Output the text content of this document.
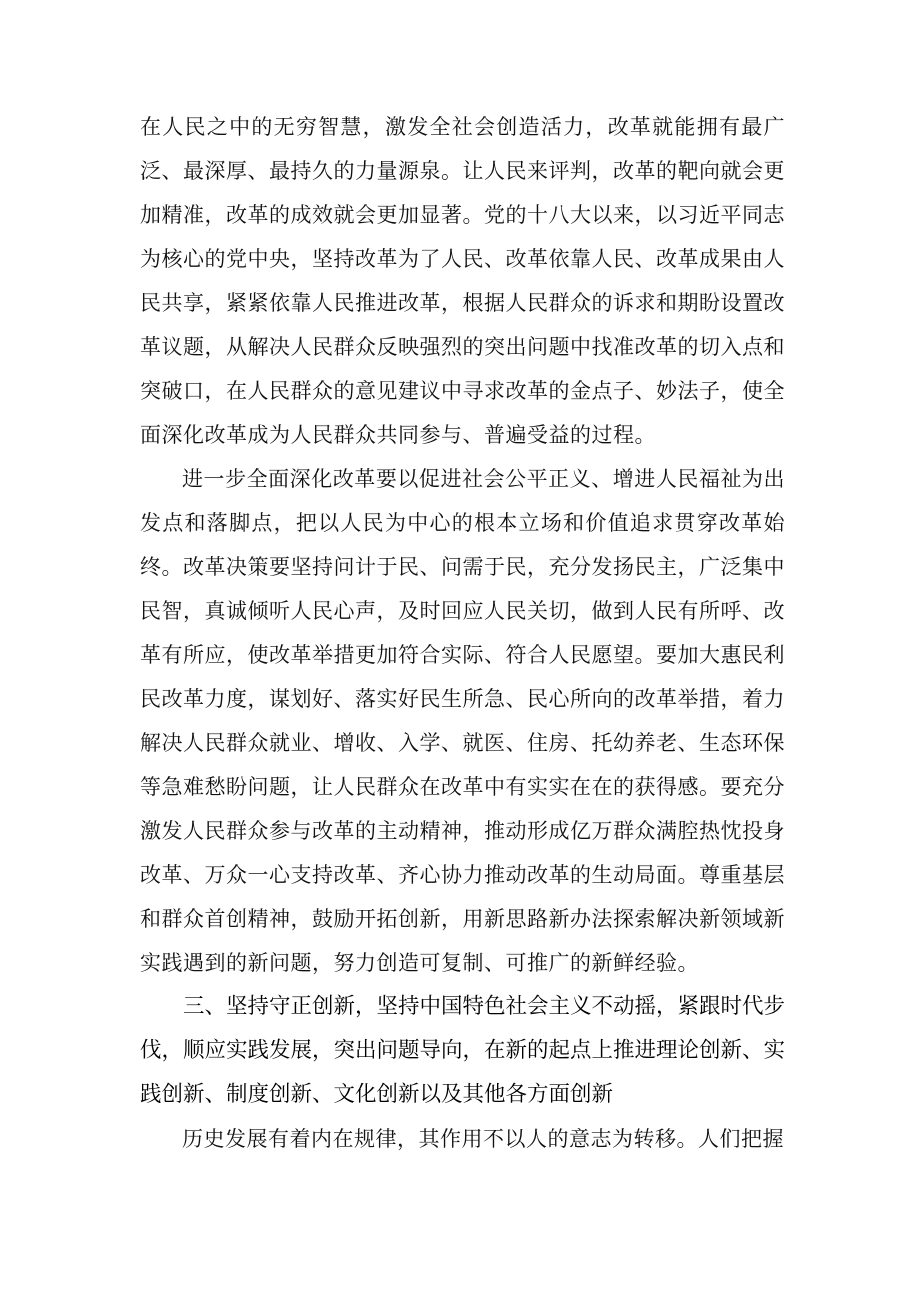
在人民之中的无穷智慧，激发全社会创造活力，改革就能拥有最广泛、最深厚、最持久的力量源泉。让人民来评判，改革的靶向就会更加精准，改革的成效就会更加显著。党的十八大以来，以习近平同志为核心的党中央，坚持改革为了人民、改革依靠人民、改革成果由人民共享，紧紧依靠人民推进改革，根据人民群众的诉求和期盼设置改革议题，从解决人民群众反映强烈的突出问题中找准改革的切入点和突破口，在人民群众的意见建议中寻求改革的金点子、妙法子，使全面深化改革成为人民群众共同参与、普遍受益的过程。

进一步全面深化改革要以促进社会公平正义、增进人民福祉为出发点和落脚点，把以人民为中心的根本立场和价值追求贯穿改革始终。改革决策要坚持问计于民、问需于民，充分发扬民主，广泛集中民智，真诚倾听人民心声，及时回应人民关切，做到人民有所呼、改革有所应，使改革举措更加符合实际、符合人民愿望。要加大惠民利民改革力度，谋划好、落实好民生所急、民心所向的改革举措，着力解决人民群众就业、增收、入学、就医、住房、托幼养老、生态环保等急难愁盼问题，让人民群众在改革中有实实在在的获得感。要充分激发人民群众参与改革的主动精神，推动形成亿万群众满腔热忱投身改革、万众一心支持改革、齐心协力推动改革的生动局面。尊重基层和群众首创精神，鼓励开拓创新，用新思路新办法探索解决新领域新实践遇到的新问题，努力创造可复制、可推广的新鲜经验。

三、坚持守正创新，坚持中国特色社会主义不动摇，紧跟时代步伐，顺应实践发展，突出问题导向，在新的起点上推进理论创新、实践创新、制度创新、文化创新以及其他各方面创新

历史发展有着内在规律，其作用不以人的意志为转移。人们把握
